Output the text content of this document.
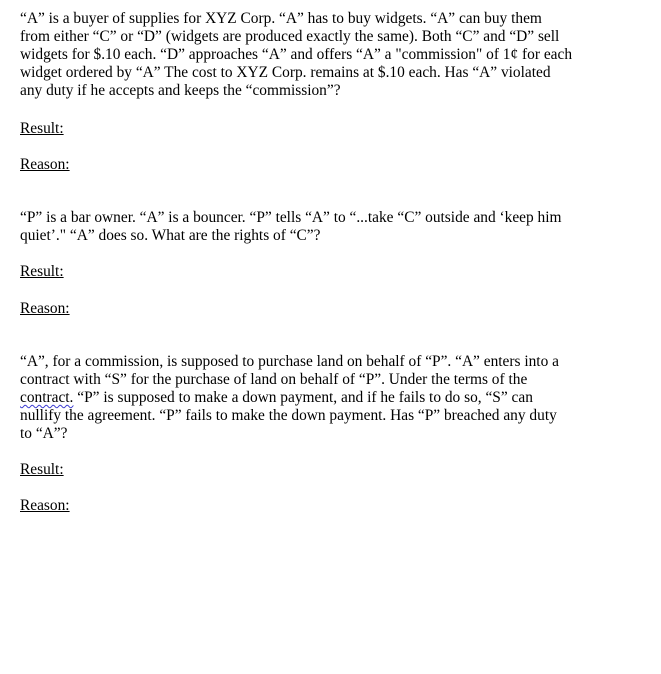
“A” is a buyer of supplies for XYZ Corp. “A” has to buy widgets. “A” can buy them
from either “C” or “D” (widgets are produced exactly the same). Both “C” and “D” sell
widgets for $.10 each. “D” approaches “A” and offers “A” a "commission" of 1¢ for each
widget ordered by “A” The cost to XYZ Corp. remains at $.10 each. Has “A” violated
any duty if he accepts and keeps the “commission”?
Result:
Reason:
“P” is a bar owner. “A” is a bouncer. “P” tells “A” to “...take “C” outside and ‘keep him
quiet’." “A” does so. What are the rights of “C”?
Result:
Reason:
“A”, for a commission, is supposed to purchase land on behalf of “P”. “A” enters into a
contract with “S” for the purchase of land on behalf of “P”. Under the terms of the
contract. “P” is supposed to make a down payment, and if he fails to do so, “S” can
nullify the agreement. “P” fails to make the down payment. Has “P” breached any duty
to “A”?
Result:
Reason:
